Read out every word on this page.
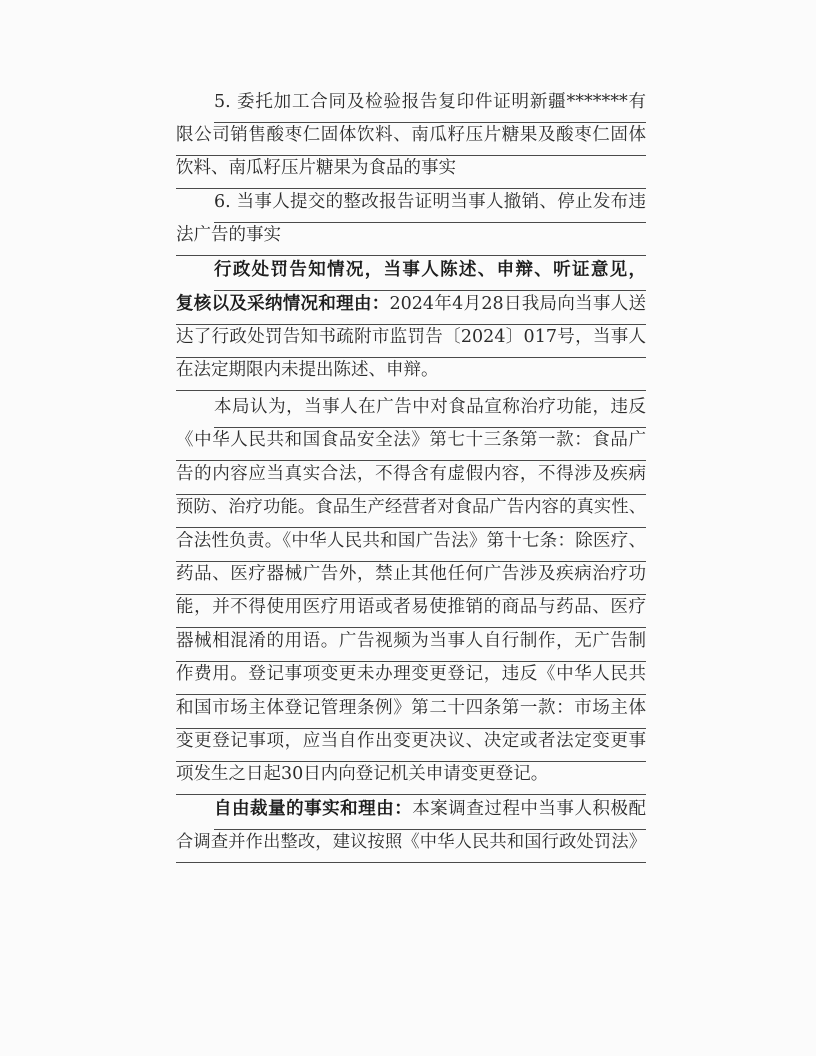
5. 委托加工合同及检验报告复印件证明新疆*******有
限公司销售酸枣仁固体饮料、南瓜籽压片糖果及酸枣仁固体
饮料、南瓜籽压片糖果为食品的事实
6. 当事人提交的整改报告证明当事人撤销、停止发布违
法广告的事实
行政处罚告知情况，当事人陈述、申辩、听证意见，
复核以及采纳情况和理由：2024年4月28日我局向当事人送
达了行政处罚告知书疏附市监罚告〔2024〕017号，当事人
在法定期限内未提出陈述、申辩。
本局认为，当事人在广告中对食品宣称治疗功能，违反
《中华人民共和国食品安全法》第七十三条第一款：食品广
告的内容应当真实合法，不得含有虚假内容，不得涉及疾病
预防、治疗功能。食品生产经营者对食品广告内容的真实性、
合法性负责。《中华人民共和国广告法》第十七条：除医疗、
药品、医疗器械广告外，禁止其他任何广告涉及疾病治疗功
能，并不得使用医疗用语或者易使推销的商品与药品、医疗
器械相混淆的用语。广告视频为当事人自行制作，无广告制
作费用。登记事项变更未办理变更登记，违反《中华人民共
和国市场主体登记管理条例》第二十四条第一款：市场主体
变更登记事项，应当自作出变更决议、决定或者法定变更事
项发生之日起30日内向登记机关申请变更登记。
自由裁量的事实和理由：本案调查过程中当事人积极配
合调查并作出整改，建议按照《中华人民共和国行政处罚法》
